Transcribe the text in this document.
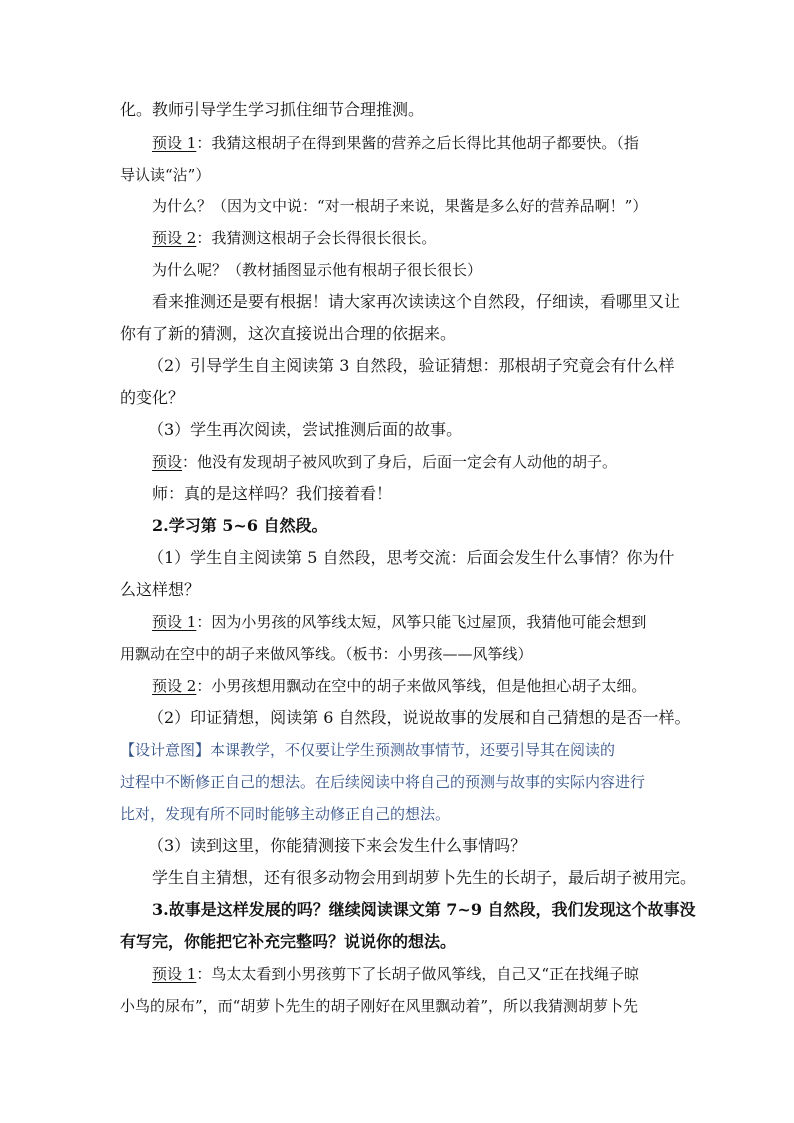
化。教师引导学生学习抓住细节合理推测。
预设 1：我猜这根胡子在得到果酱的营养之后长得比其他胡子都要快。（指
导认读“沾”）
为什么？（因为文中说：“对一根胡子来说，果酱是多么好的营养品啊！”）
预设 2：我猜测这根胡子会长得很长很长。
为什么呢？（教材插图显示他有根胡子很长很长）
看来推测还是要有根据！请大家再次读读这个自然段，仔细读，看哪里又让
你有了新的猜测，这次直接说出合理的依据来。
（2）引导学生自主阅读第 3 自然段，验证猜想：那根胡子究竟会有什么样
的变化？
（3）学生再次阅读，尝试推测后面的故事。
预设：他没有发现胡子被风吹到了身后，后面一定会有人动他的胡子。
师：真的是这样吗？我们接着看！
2.学习第 5~6 自然段。
（1）学生自主阅读第 5 自然段，思考交流：后面会发生什么事情？你为什
么这样想？
预设 1：因为小男孩的风筝线太短，风筝只能飞过屋顶，我猜他可能会想到
用飘动在空中的胡子来做风筝线。（板书：小男孩——风筝线）
预设 2：小男孩想用飘动在空中的胡子来做风筝线，但是他担心胡子太细。
（2）印证猜想，阅读第 6 自然段，说说故事的发展和自己猜想的是否一样。
【设计意图】本课教学，不仅要让学生预测故事情节，还要引导其在阅读的
过程中不断修正自己的想法。在后续阅读中将自己的预测与故事的实际内容进行
比对，发现有所不同时能够主动修正自己的想法。
（3）读到这里，你能猜测接下来会发生什么事情吗？
学生自主猜想，还有很多动物会用到胡萝卜先生的长胡子，最后胡子被用完。
3.故事是这样发展的吗？继续阅读课文第 7~9 自然段，我们发现这个故事没
有写完，你能把它补充完整吗？说说你的想法。
预设 1：鸟太太看到小男孩剪下了长胡子做风筝线，自己又“正在找绳子晾
小鸟的尿布”，而“胡萝卜先生的胡子刚好在风里飘动着”，所以我猜测胡萝卜先
